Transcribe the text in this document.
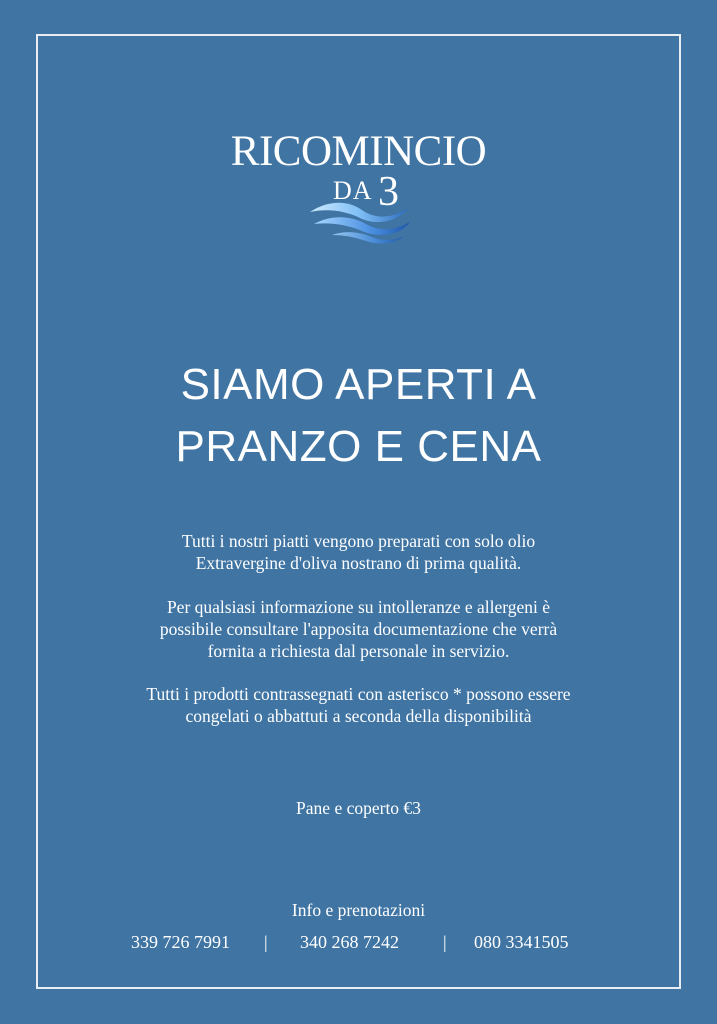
RICOMINCIO
DA 3
SIAMO APERTI A
PRANZO E CENA
Tutti i nostri piatti vengono preparati con solo olio
Extravergine d'oliva nostrano di prima qualità.
Per qualsiasi informazione su intolleranze e allergeni è
possibile consultare l'apposita documentazione che verrà
fornita a richiesta dal personale in servizio.
Tutti i prodotti contrassegnati con asterisco * possono essere
congelati o abbattuti a seconda della disponibilità
Pane e coperto €3
Info e prenotazioni
339 726 7991 | 340 268 7242 | 080 3341505
